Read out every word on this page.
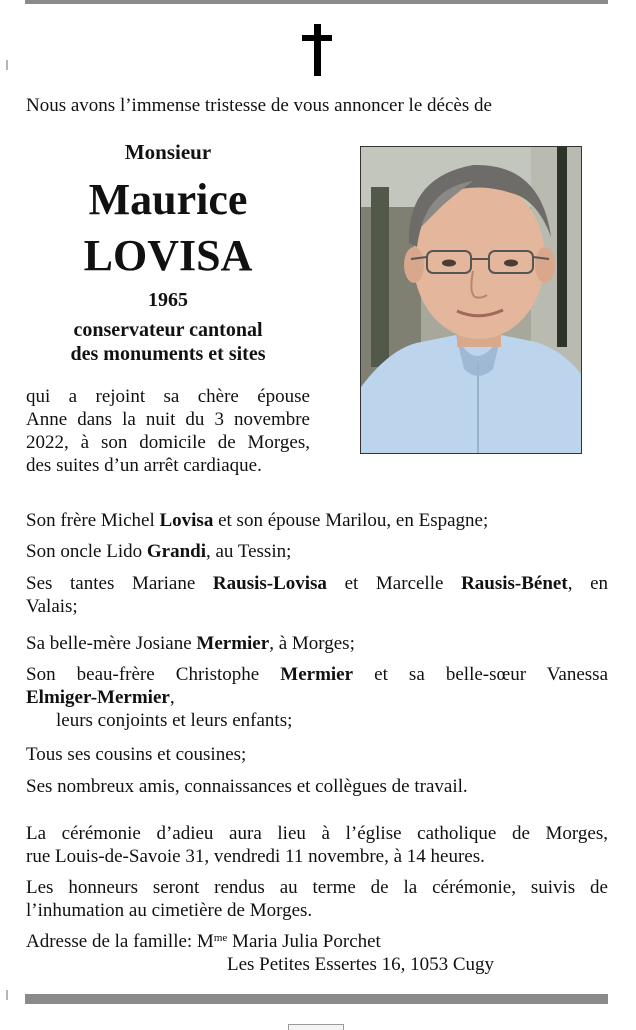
Nous avons l’immense tristesse de vous annoncer le décès de
Monsieur
Maurice
LOVISA
1965
conservateur cantonal
des monuments et sites
qui a rejoint sa chère épouse
Anne dans la nuit du 3 novembre
2022, à son domicile de Morges,
des suites d’un arrêt cardiaque.

Son frère Michel Lovisa et son épouse Marilou, en Espagne;

Son oncle Lido Grandi, au Tessin;

Ses tantes Mariane Rausis-Lovisa et Marcelle Rausis-Bénet, en

Valais;

Sa belle-mère Josiane Mermier, à Morges;

Son beau-frère Christophe Mermier et sa belle-sœur Vanessa

Elmiger-Mermier,

leurs conjoints et leurs enfants;

Tous ses cousins et cousines;

Ses nombreux amis, connaissances et collègues de travail.

La cérémonie d’adieu aura lieu à l’église catholique de Morges,
rue Louis-de-Savoie 31, vendredi 11 novembre, à 14 heures.
Les honneurs seront rendus au terme de la cérémonie, suivis de
l’inhumation au cimetière de Morges.
Adresse de la famille: $M^{me}$ Maria Julia Porchet
Les Petites Essertes 16, 1053 Cugy
